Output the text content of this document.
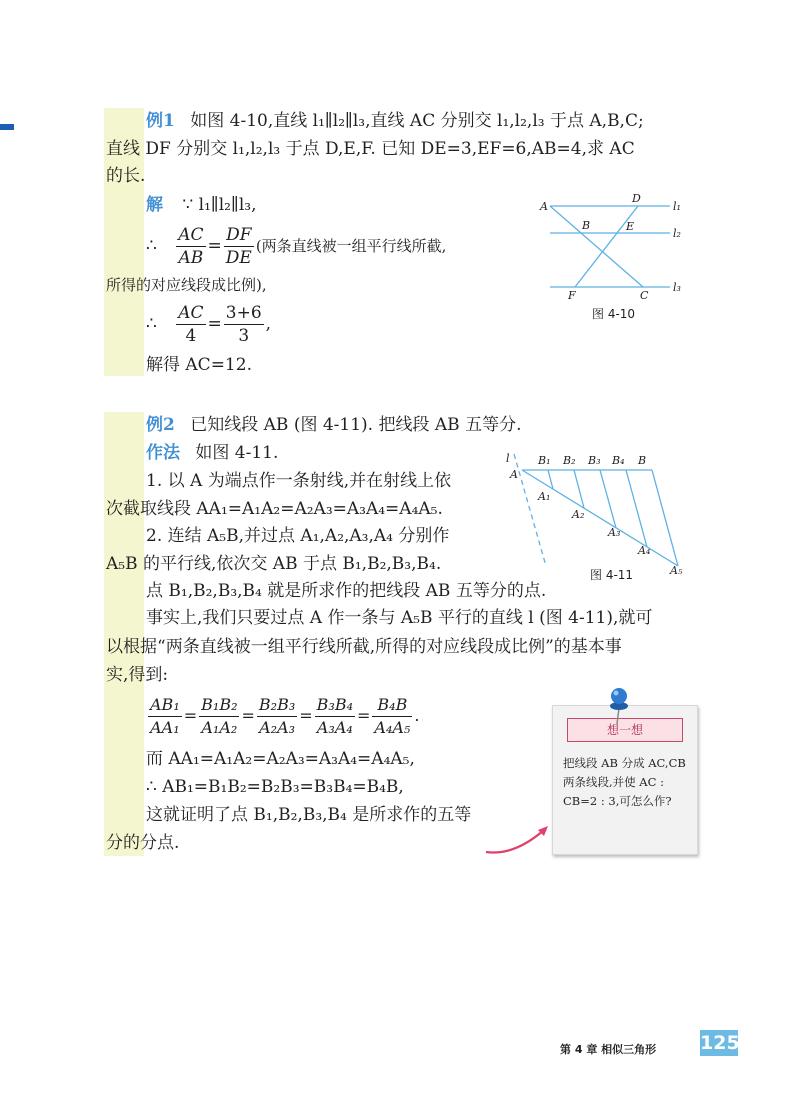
例1 如图 4-10,直线 l₁∥l₂∥l₃,直线 AC 分别交 l₁,l₂,l₃ 于点 A,B,C;
直线 DF 分别交 l₁,l₂,l₃ 于点 D,E,F. 已知 DE=3,EF=6,AB=4,求 AC
的长.
解 ∵ l₁∥l₂∥l₃,
∴ $\frac{AC}{AB} = \frac{DF}{DE}$ (两条直线被一组平行线所截,
所得的对应线段成比例),
∴ $\frac{AC}{4} = \frac{3+6}{3}$ ,
解得 AC=12.
A
D
B	E
F	C
l₁
l₂
l₃
图 4-10
例2 已知线段 AB (图 4-11). 把线段 AB 五等分.
作法 如图 4-11.
1. 以 A 为端点作一条射线,并在射线上依
次截取线段 AA₁=A₁A₂=A₂A₃=A₃A₄=A₄A₅.
2. 连结 A₅B,并过点 A₁,A₂,A₃,A₄ 分别作
A₅B 的平行线,依次交 AB 于点 B₁,B₂,B₃,B₄.
点 B₁,B₂,B₃,B₄ 就是所求作的把线段 AB 五等分的点.
事实上,我们只要过点 A 作一条与 A₅B 平行的直线 l (图 4-11),就可
以根据“两条直线被一组平行线所截,所得的对应线段成比例”的基本事
实,得到:
$\frac{\text{AB₁}}{\text{AA₁}} = \frac{\text{B₁B₂}}{\text{A₁A₂}} = \frac{\text{B₂B₃}}{\text{A₂A₃}} = \frac{\text{B₃B₄}}{\text{A₃A₄}} = \frac{\text{B₄B}}{\text{A₄A₅}}$ .
而 AA₁=A₁A₂=A₂A₃=A₃A₄=A₄A₅,
∴ AB₁=B₁B₂=B₂B₃=B₃B₄=B₄B,
这就证明了点 B₁,B₂,B₃,B₄ 是所求作的五等
分的分点.
l
A
B
B₁ B₂ B₃ B₄
A₁
A₂
A₃
A₄
A₅
图 4-11
想一想
把线段 AB 分成 AC,CB 两条线段,并使 AC : CB=2 : 3,可怎么作?
第 4 章 相似三角形 125
